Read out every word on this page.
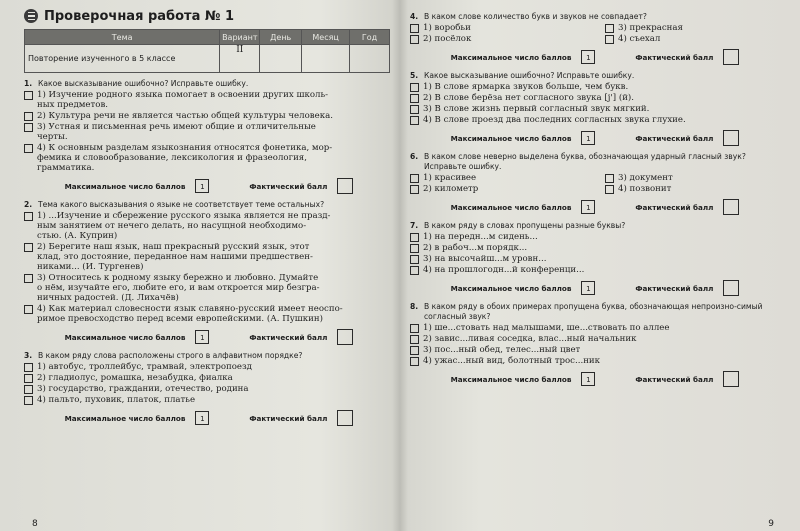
Проверочная работа № 1
Тема	Вариант	День	Месяц	Год
Повторение изученного в 5 классе	II			
1. Какое высказывание ошибочно? Исправьте ошибку.
1) Изучение родного языка помогает в освоении других школь-
ных предметов.
2) Культура речи не является частью общей культуры человека.
3) Устная и письменная речь имеют общие и отличительные
черты.
4) К основным разделам языкознания относятся фонетика, мор-
фемика и словообразование, лексикология и фразеология,
грамматика.
Максимальное число баллов	1	Фактический балл
2. Тема какого высказывания о языке не соответствует теме остальных?
1) ...Изучение и сбережение русского языка является не празд-
ным занятием от нечего делать, но насущной необходимо-
стью. (А. Куприн)
2) Берегите наш язык, наш прекрасный русский язык, этот
клад, это достояние, переданное нам нашими предшествен-
никами... (И. Тургенев)
3) Относитесь к родному языку бережно и любовно. Думайте
о нём, изучайте его, любите его, и вам откроется мир безгра-
ничных радостей. (Д. Лихачёв)
4) Как материал словесности язык славяно-русский имеет неоспо-
римое превосходство перед всеми европейскими. (А. Пушкин)
Максимальное число баллов	1	Фактический балл
3. В каком ряду слова расположены строго в алфавитном порядке?
1) автобус, троллейбус, трамвай, электропоезд
2) гладиолус, ромашка, незабудка, фиалка
3) государство, граждании, отечество, родина
4) пальто, пуховик, платок, платье
Максимальное число баллов	1	Фактический балл
8
4. В каком слове количество букв и звуков не совпадает?
1) воробьи	3) прекрасная
2) посёлок	4) съехал
Максимальное число баллов	1	Фактический балл
5. Какое высказывание ошибочно? Исправьте ошибку.
1) В слове ярмарка звуков больше, чем букв.
2) В слове берёза нет согласного звука [j'] (й).
3) В слове жизнь первый согласный звук мягкий.
4) В слове проезд два последних согласных звука глухие.
Максимальное число баллов	1	Фактический балл
6. В каком слове неверно выделена буква, обозначающая ударный гласный звук? Исправьте ошибку.
1) красивее	3) документ
2) километр	4) позвонит
Максимальное число баллов	1	Фактический балл
7. В каком ряду в словах пропущены разные буквы?
1) на передн...м сидень...
2) в рабоч...м порядк...
3) на высочайш...м уровн...
4) на прошлогодн...й конференци...
Максимальное число баллов	1	Фактический балл
8. В каком ряду в обоих примерах пропущена буква, обозначающая непроизно-симый согласный звук?
1) ше...стовать над малышами, ше...ствовать по аллее
2) завис...ливая соседка, влас...ный начальник
3) пос...ный обед, телес...ный цвет
4) ужас...ный вид, болотный трос...ник
Максимальное число баллов	1	Фактический балл
9
